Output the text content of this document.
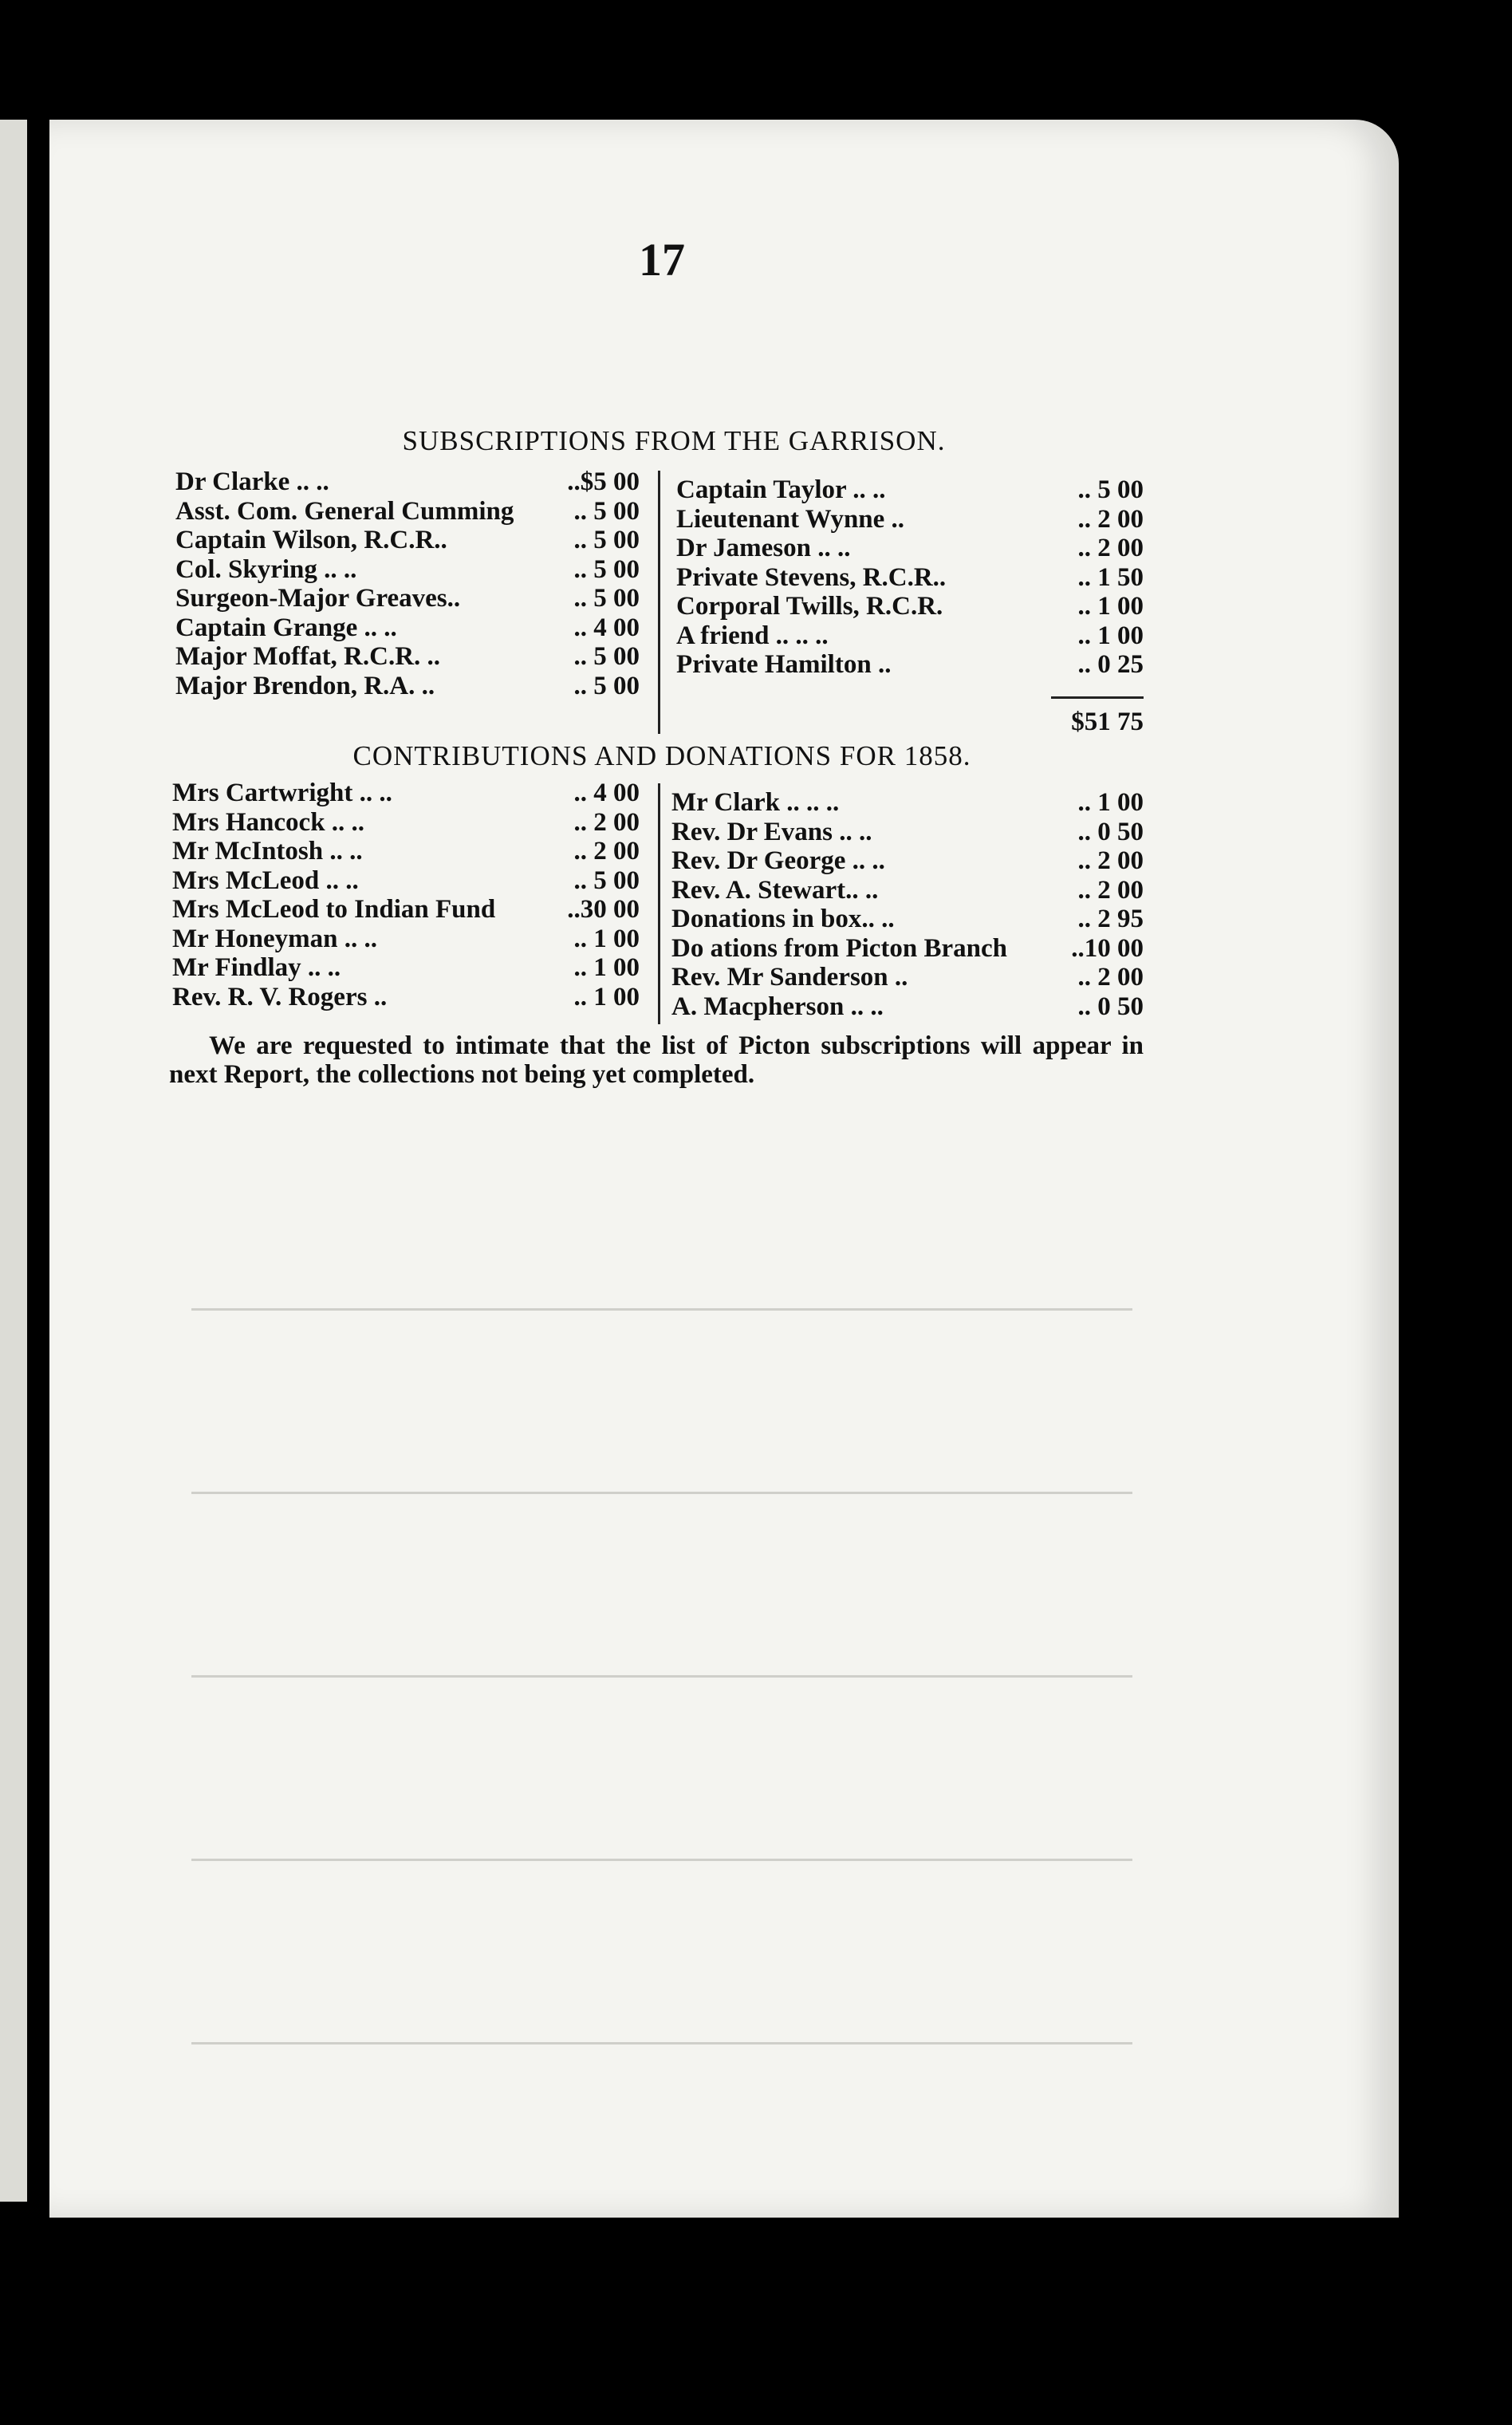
17
SUBSCRIPTIONS FROM THE GARRISON.
Dr Clarke .. ..	..$5 00
Asst. Com. General Cumming	.. 5 00
Captain Wilson, R.C.R..	.. 5 00
Col. Skyring .. ..	.. 5 00
Surgeon-Major Greaves..	.. 5 00
Captain Grange .. ..	.. 4 00
Major Moffat, R.C.R. ..	.. 5 00
Major Brendon, R.A. ..	.. 5 00
Captain Taylor .. ..	.. 5 00
Lieutenant Wynne ..	.. 2 00
Dr Jameson .. ..	.. 2 00
Private Stevens, R.C.R..	.. 1 50
Corporal Twills, R.C.R.	.. 1 00
A friend .. .. ..	.. 1 00
Private Hamilton ..	.. 0 25
$51 75
CONTRIBUTIONS AND DONATIONS FOR 1858.
Mrs Cartwright .. ..	.. 4 00
Mrs Hancock .. ..	.. 2 00
Mr McIntosh .. ..	.. 2 00
Mrs McLeod .. ..	.. 5 00
Mrs McLeod to Indian Fund	..30 00
Mr Honeyman .. ..	.. 1 00
Mr Findlay .. ..	.. 1 00
Rev. R. V. Rogers ..	.. 1 00
Mr Clark .. .. ..	.. 1 00
Rev. Dr Evans .. ..	.. 0 50
Rev. Dr George .. ..	.. 2 00
Rev. A. Stewart.. ..	.. 2 00
Donations in box.. ..	.. 2 95
Do ations from Picton Branch	..10 00
Rev. Mr Sanderson ..	.. 2 00
A. Macpherson .. ..	.. 0 50
We are requested to intimate that the list of Picton subscriptions will appear in next Report, the collections not being yet completed.
